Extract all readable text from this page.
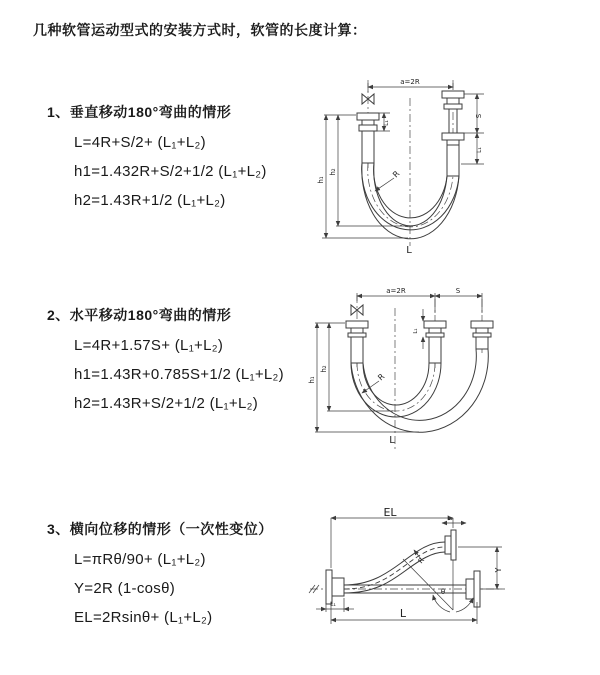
几种软管运动型式的安装方式时，软管的长度计算：
1、垂直移动180°弯曲的情形
L=4R+S/2+ (L₁+L₂)
h1=1.432R+S/2+1/2 (L₁+L₂)
h2=1.43R+1/2 (L₁+L₂)
2、水平移动180°弯曲的情形
L=4R+1.57S+ (L₁+L₂)
h1=1.43R+0.785S+1/2 (L₁+L₂)
h2=1.43R+S/2+1/2 (L₁+L₂)
3、横向位移的情形（一次性变位）
L=πRθ/90+ (L₁+L₂)
Y=2R (1-cosθ)
EL=2Rsinθ+ (L₁+L₂)
a=2R
S
L₁
L₁
h₂
h₁
R
L
a=2R	S
L₁
h₂
h₁	R
L
EL	L₂
Y
R
θ
L
L₁
